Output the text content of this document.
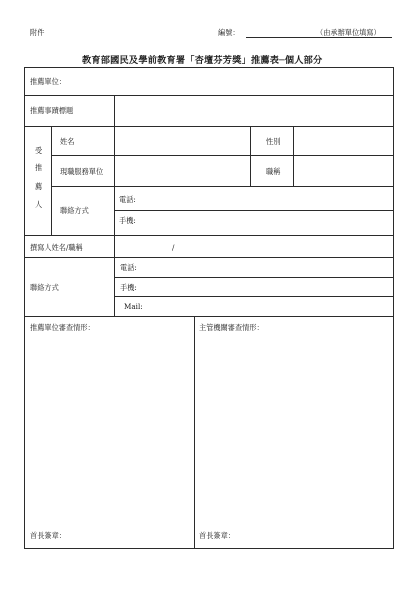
附件	編號：	（由承辦單位填寫）
教育部國民及學前教育署「杏壇芬芳獎」推薦表─個人部分
推薦單位：
推薦事蹟標題
受
推
薦
人
姓名	性別
現職服務單位	職稱
聯絡方式
電話:
手機:
撰寫人姓名/職稱	/
聯絡方式
電話:
手機:
Mail:
推薦單位審查情形：	主管機關審查情形：
首長簽章：	首長簽章：
